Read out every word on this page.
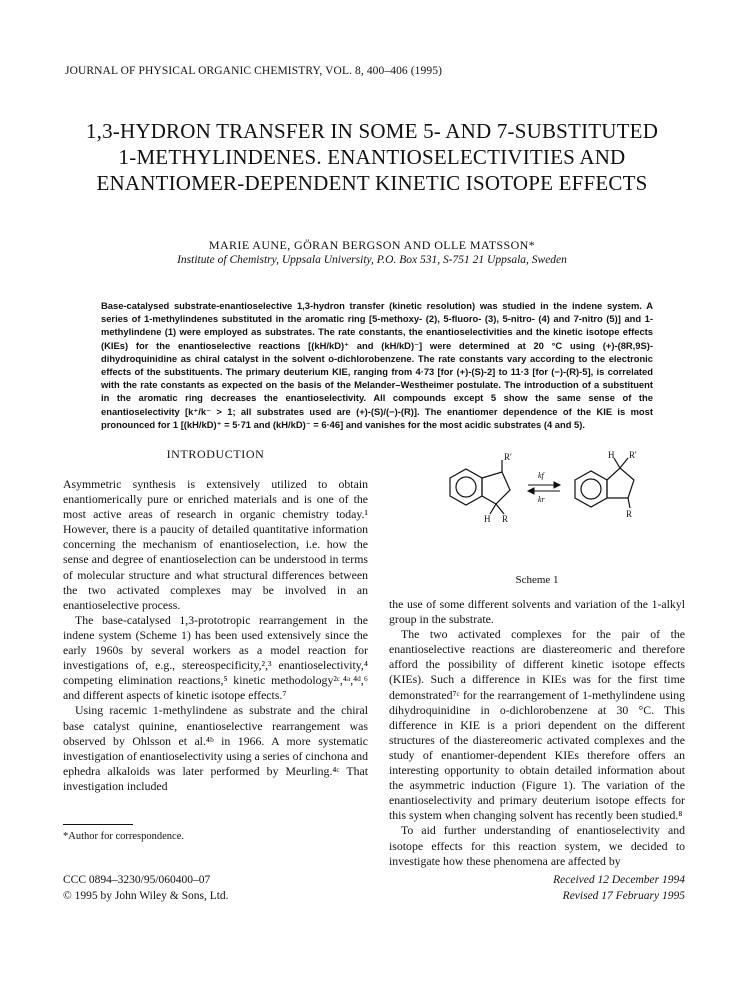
JOURNAL OF PHYSICAL ORGANIC CHEMISTRY, VOL. 8, 400–406 (1995)
1,3-HYDRON TRANSFER IN SOME 5- AND 7-SUBSTITUTED
1-METHYLINDENES. ENANTIOSELECTIVITIES AND
ENANTIOMER-DEPENDENT KINETIC ISOTOPE EFFECTS
MARIE AUNE, GÖRAN BERGSON AND OLLE MATSSON*
Institute of Chemistry, Uppsala University, P.O. Box 531, S-751 21 Uppsala, Sweden

Base-catalysed substrate-enantioselective 1,3-hydron transfer (kinetic resolution) was studied in the indene system. A series of 1-methylindenes substituted in the aromatic ring [5-methoxy- (2), 5-fluoro- (3), 5-nitro- (4) and 7-nitro (5)] and 1-methylindene (1) were employed as substrates. The rate constants, the enantioselectivities and the kinetic isotope effects (KIEs) for the enantioselective reactions [(kH/kD)⁺ and (kH/kD)⁻] were determined at 20 °C using (+)-(8R,9S)-dihydroquinidine as chiral catalyst in the solvent o-dichlorobenzene. The rate constants vary according to the electronic effects of the substituents. The primary deuterium KIE, ranging from 4·73 [for (+)-(S)-2] to 11·3 [for (−)-(R)-5], is correlated with the rate constants as expected on the basis of the Melander–Westheimer postulate. The introduction of a substituent in the aromatic ring decreases the enantioselectivity. All compounds except 5 show the same sense of the enantioselectivity [k⁺/k⁻ > 1; all substrates used are (+)-(S)/(−)-(R)]. The enantiomer dependence of the KIE is most pronounced for 1 [(kH/kD)⁺ = 5·71 and (kH/kD)⁻ = 6·46] and vanishes for the most acidic substrates (4 and 5).

INTRODUCTION

Asymmetric synthesis is extensively utilized to obtain enantiomerically pure or enriched materials and is one of the most active areas of research in organic chemistry today.¹ However, there is a paucity of detailed quantitative information concerning the mechanism of enantioselection, i.e. how the sense and degree of enantioselection can be understood in terms of molecular structure and what structural differences between the two activated complexes may be involved in an enantioselective process.

The base-catalysed 1,3-prototropic rearrangement in the indene system (Scheme 1) has been used extensively since the early 1960s by several workers as a model reaction for investigations of, e.g., stereospecificity,²,³ enantioselectivity,⁴ competing elimination reactions,⁵ kinetic methodology²ᶜ,⁴ᵃ,⁴ᵈ,⁶ and different aspects of kinetic isotope effects.⁷

Using racemic 1-methylindene as substrate and the chiral base catalyst quinine, enantioselective rearrangement was observed by Ohlsson et al.⁴ᵇ in 1966. A more systematic investigation of enantioselectivity using a series of cinchona and ephedra alkaloids was later performed by Meurling.⁴ᶜ That investigation included

R'
H R
kf
kr
H R'
R
Scheme 1

the use of some different solvents and variation of the 1-alkyl group in the substrate.

The two activated complexes for the pair of the enantioselective reactions are diastereomeric and therefore afford the possibility of different kinetic isotope effects (KIEs). Such a difference in KIEs was for the first time demonstrated⁷ᶜ for the rearrangement of 1-methylindene using dihydroquinidine in o-dichlorobenzene at 30 °C. This difference in KIE is a priori dependent on the different structures of the diastereomeric activated complexes and the study of enantiomer-dependent KIEs therefore offers an interesting opportunity to obtain detailed information about the asymmetric induction (Figure 1). The variation of the enantioselectivity and primary deuterium isotope effects for this system when changing solvent has recently been studied.⁸

To aid further understanding of enantioselectivity and isotope effects for this reaction system, we decided to investigate how these phenomena are affected by

*Author for correspondence.
CCC 0894–3230/95/060400–07
© 1995 by John Wiley & Sons, Ltd.
Received 12 December 1994
Revised 17 February 1995
